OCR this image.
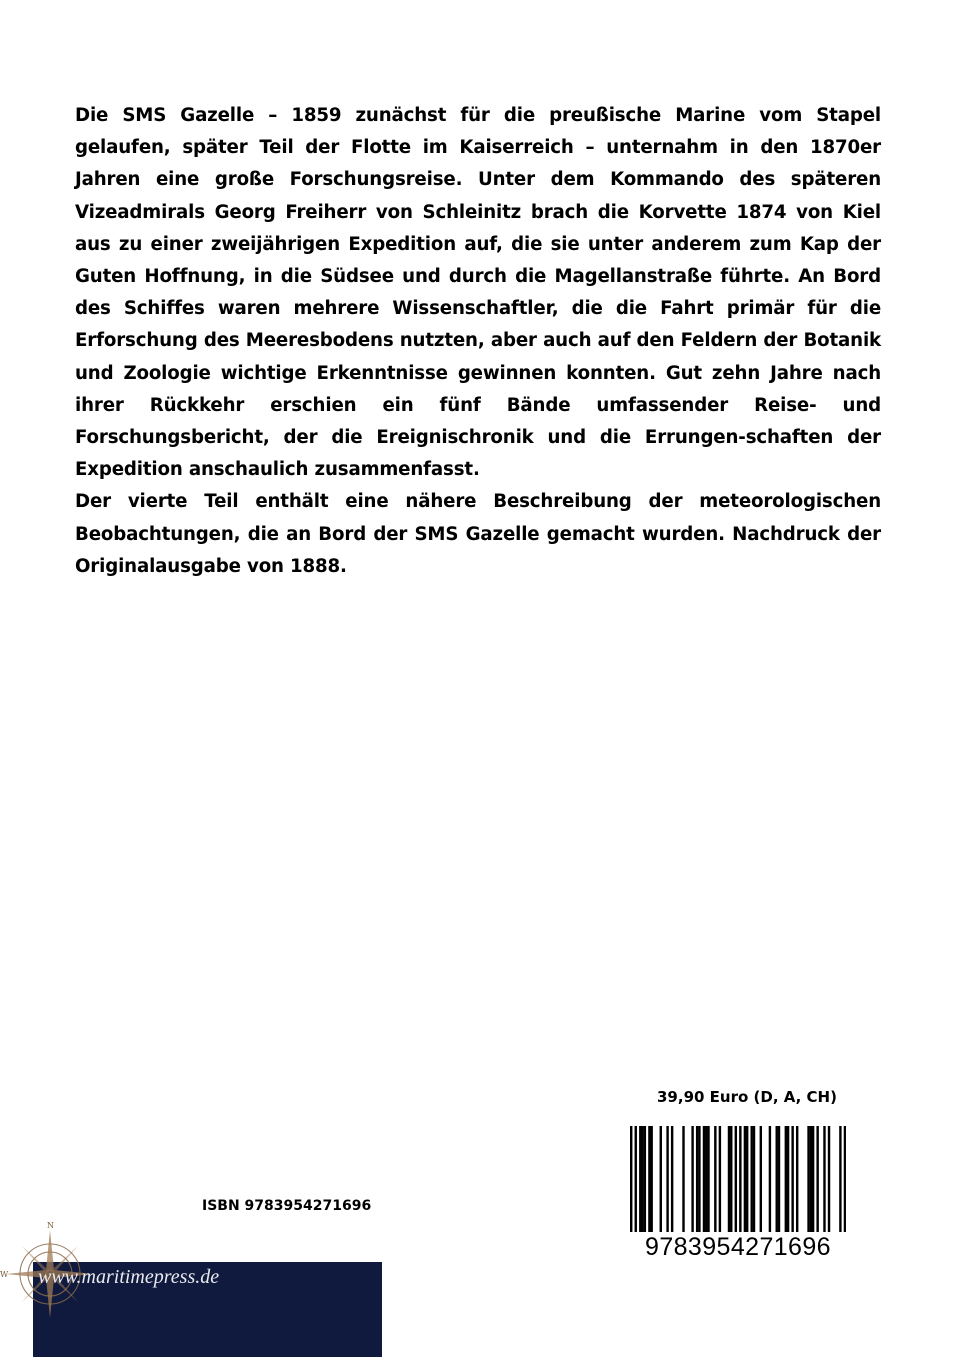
Die SMS Gazelle – 1859 zunächst für die preußische Marine vom Stapel gelaufen, später Teil der Flotte im Kaiserreich – unternahm in den 1870er Jahren eine große Forschungsreise. Unter dem Kommando des späteren Vizeadmirals Georg Freiherr von Schleinitz brach die Korvette 1874 von Kiel aus zu einer zweijährigen Expedition auf, die sie unter anderem zum Kap der Guten Hoffnung, in die Südsee und durch die Magellanstraße führte. An Bord des Schiffes waren mehrere Wissenschaftler, die die Fahrt primär für die Erforschung des Meeresbodens nutzten, aber auch auf den Feldern der Botanik und Zoologie wichtige Erkenntnisse gewinnen konnten. Gut zehn Jahre nach ihrer Rückkehr erschien ein fünf Bände umfassender Reise- und Forschungsbericht, der die Ereignischronik und die Errungen-schaften der Expedition anschaulich zusammenfasst.

Der vierte Teil enthält eine nähere Beschreibung der meteorologischen Beobachtungen, die an Bord der SMS Gazelle gemacht wurden. Nachdruck der Originalausgabe von 1888.

39,90 Euro (D, A, CH)
9783954271696
ISBN 9783954271696
N
W www.maritimepress.de
